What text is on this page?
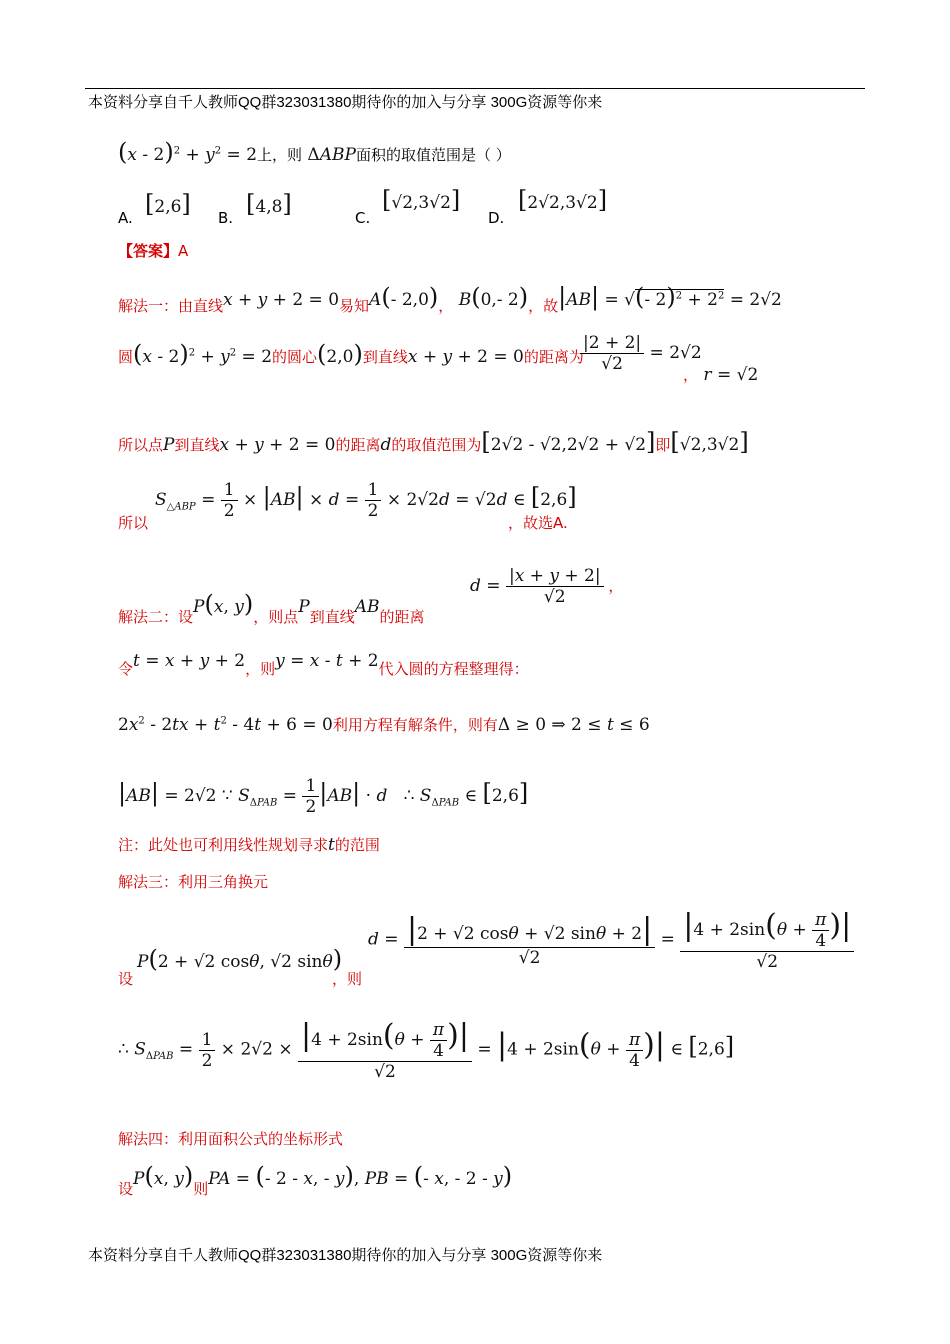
本资料分享自千人教师QQ群323031380期待你的加入与分享 300G资源等你来
$(x - 2)^2 + y^2 = 2$上，则 ΔABP面积的取值范围是（ ）
A. [2,6] B. [4,8]	C.
[√2,3√2]
D.
[2√2,3√2]
【答案】A
解法一：由直线x + y + 2 = 0易知A(- 2,0)， B(0,- 2)，故|AB| = √(- $2)^2 + 2^2 = 2√2$
圆$(x - 2)^2 + y^2 = 2$的圆心(2,0)到直线x + y + 2 = 0的距离为
$\frac{|2 + 2|}{√2} = 2√2$
， r = √2
所以点P到直线x + y + 2 = 0的距离d的取值范围为[2√2 - √2,2√2 + √2]即[√2,3√2]
所以
$S_{\triangle ABP} = \frac{1}{2} \times |AB| \times d = \frac{1}{2} \times 2√2d = √2d$ ∈ [2,6]
，故选A.
解法二：设P(x, y)，则点P到直线AB的距离
$d = \frac{|x + y + 2|}{√2}$ ，
令t = x + y + 2，则y = x - t + 2代入圆的方程整理得：
$2x^2 - 2tx + t^2 - 4t + 6 = 0$利用方程有解条件，则有Δ ≥ 0 ⇒ 2 ≤ t ≤ 6
|AB| = 2√2 ∵ $S_{\Delta PAB} = \frac{1}{2} |AB| \cdot d$   ∴ $S_{\Delta PAB}$ ∈ [2,6]
注：此处也可利用线性规划寻求t的范围
解法三：利用三角换元
设
P(2 + √2 cosθ, √2 sinθ)
，则
$d = \frac{|2 + √2 \cos\theta + √2 \sin\theta + 2|}{√2} = \frac{|4 + 2\sin(\theta + \frac{\pi}{4} )|}{√2}$
∴ $S_{\Delta PAB} = \frac{1}{2} \times 2√2 \times \frac{|4 + 2\sin(\theta + \frac{\pi}{4} )|}{√2} = |4 + 2\sin(\theta + \frac{\pi}{4}$ )| ∈ [2,6]
解法四：利用面积公式的坐标形式
设P(x, y)则PA = (- 2 - x, - y), PB = (- x, - 2 - y)
本资料分享自千人教师QQ群323031380期待你的加入与分享 300G资源等你来
